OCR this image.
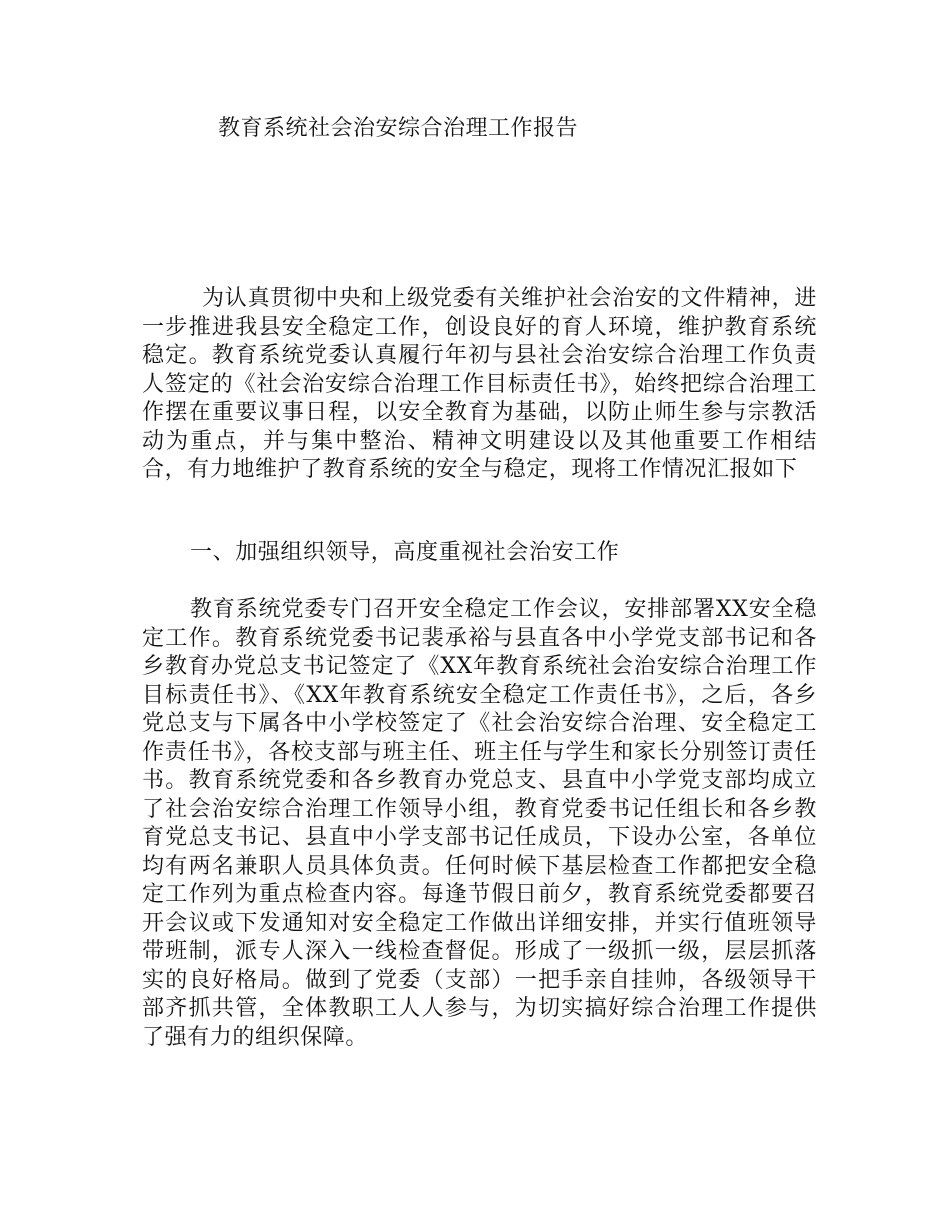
教育系统社会治安综合治理工作报告

为认真贯彻中央和上级党委有关维护社会治安的文件精神，进一步推进我县安全稳定工作，创设良好的育人环境，维护教育系统稳定。教育系统党委认真履行年初与县社会治安综合治理工作负责人签定的《社会治安综合治理工作目标责任书》，始终把综合治理工作摆在重要议事日程，以安全教育为基础，以防止师生参与宗教活动为重点，并与集中整治、精神文明建设以及其他重要工作相结合，有力地维护了教育系统的安全与稳定，现将工作情况汇报如下

一、加强组织领导，高度重视社会治安工作

教育系统党委专门召开安全稳定工作会议，安排部署XX安全稳定工作。教育系统党委书记裴承裕与县直各中小学党支部书记和各乡教育办党总支书记签定了《XX年教育系统社会治安综合治理工作目标责任书》、《XX年教育系统安全稳定工作责任书》，之后，各乡党总支与下属各中小学校签定了《社会治安综合治理、安全稳定工作责任书》，各校支部与班主任、班主任与学生和家长分别签订责任书。教育系统党委和各乡教育办党总支、县直中小学党支部均成立了社会治安综合治理工作领导小组，教育党委书记任组长和各乡教育党总支书记、县直中小学支部书记任成员，下设办公室，各单位均有两名兼职人员具体负责。任何时候下基层检查工作都把安全稳定工作列为重点检查内容。每逢节假日前夕，教育系统党委都要召开会议或下发通知对安全稳定工作做出详细安排，并实行值班领导带班制，派专人深入一线检查督促。形成了一级抓一级，层层抓落实的良好格局。做到了党委（支部）一把手亲自挂帅，各级领导干部齐抓共管，全体教职工人人参与，为切实搞好综合治理工作提供了强有力的组织保障。
